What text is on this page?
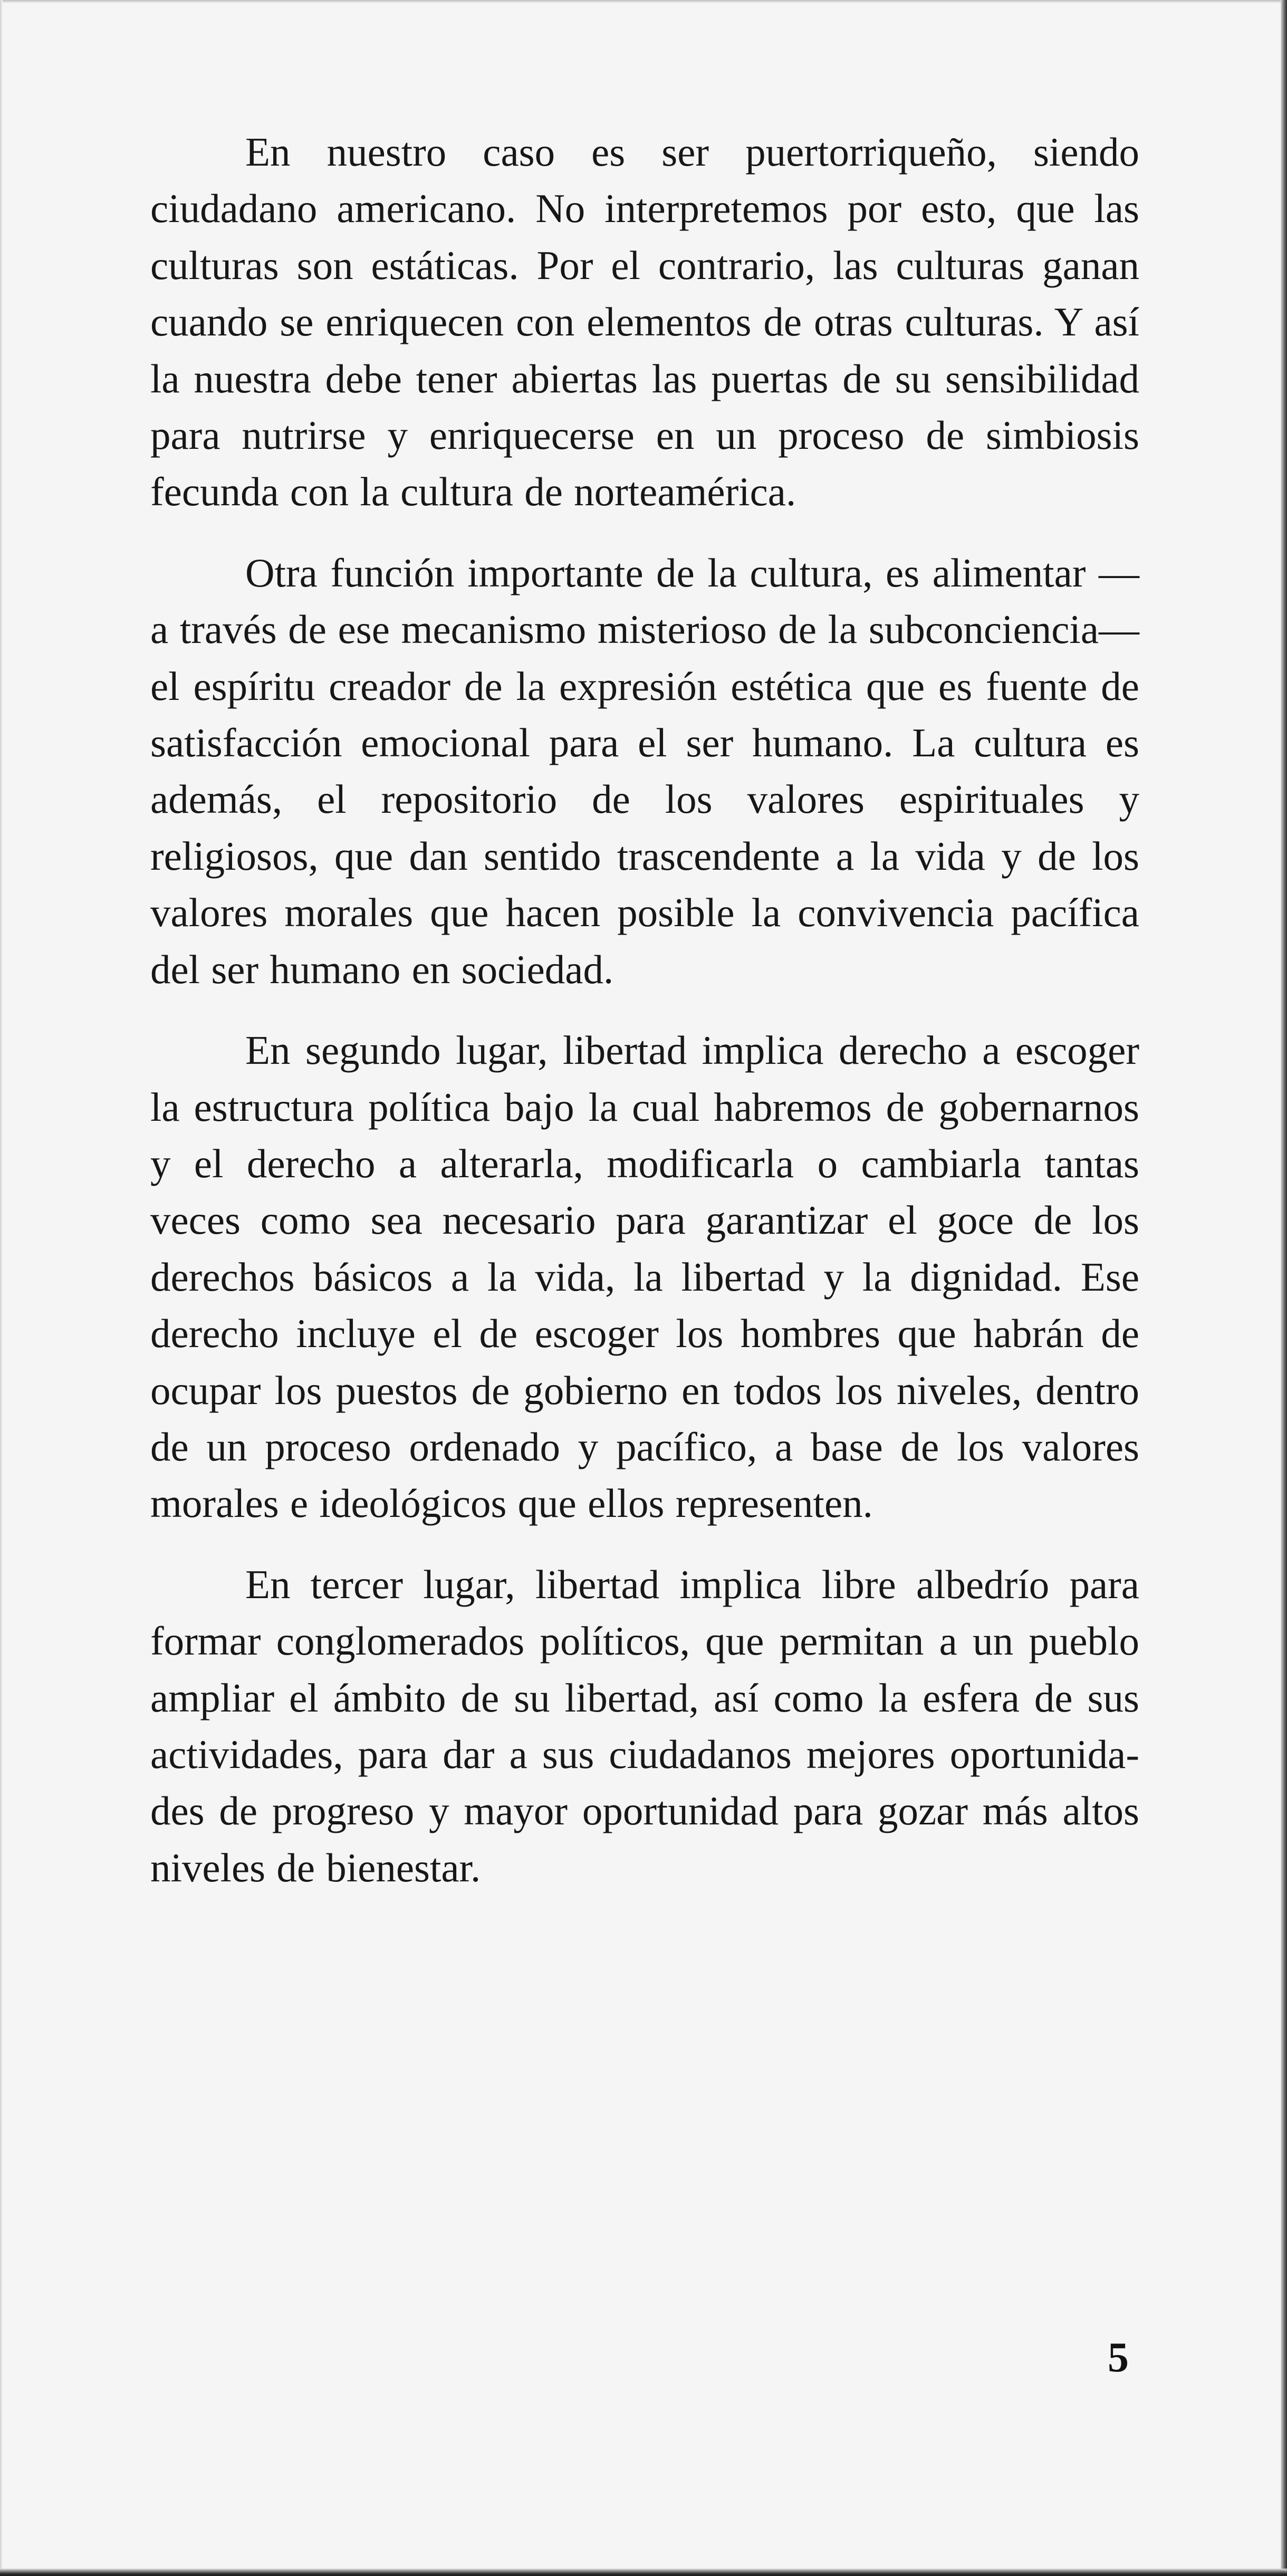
En nuestro caso es ser puertorriqueño, siendo ciudadano americano. No interpretemos por esto, que las culturas son estáticas. Por el contrario, las culturas ganan cuando se enriquecen con elementos de otras culturas. Y así la nuestra debe tener abiertas las puertas de su sensibilidad para nutrirse y enriquecerse en un proceso de simbiosis fecunda con la cultura de norteamérica.

Otra función importante de la cultura, es alimentar —a través de ese mecanismo misterioso de la subconciencia— el espíritu creador de la expresión estética que es fuente de satisfacción emocional para el ser humano. La cultura es además, el repositorio de los valores espirituales y religiosos, que dan sentido trascendente a la vida y de los valores morales que hacen posible la convivencia pacífica del ser humano en sociedad.

En segundo lugar, libertad implica derecho a escoger la estructura política bajo la cual habremos de gobernarnos y el derecho a alterarla, modificarla o cambiarla tantas veces como sea necesario para garantizar el goce de los derechos básicos a la vida, la libertad y la dignidad. Ese derecho incluye el de escoger los hombres que habrán de ocupar los puestos de gobierno en todos los niveles, dentro de un proceso ordenado y pacífico, a base de los valores morales e ideológicos que ellos representen.

En tercer lugar, libertad implica libre albedrío para formar conglomerados políticos, que permitan a un pueblo ampliar el ámbito de su libertad, así como la esfera de sus actividades, para dar a sus ciudadanos mejores oportunidades de progreso y mayor oportunidad para gozar más altos niveles de bienestar.

5
